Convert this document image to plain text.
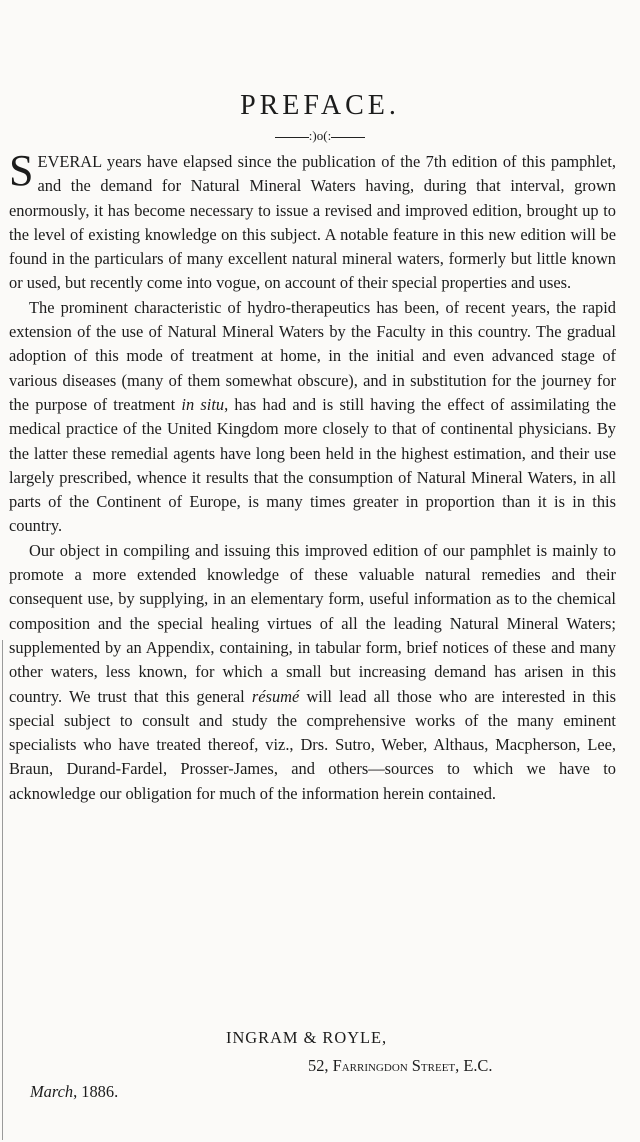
PREFACE.
:)o(:

SEVERAL years have elapsed since the publication of the 7th edition of this pamphlet, and the demand for Natural Mineral Waters having, during that interval, grown enormously, it has become necessary to issue a revised and improved edition, brought up to the level of existing knowledge on this subject. A notable feature in this new edition will be found in the particulars of many excellent natural mineral waters, formerly but little known or used, but recently come into vogue, on account of their special properties and uses.

The prominent characteristic of hydro-therapeutics has been, of recent years, the rapid extension of the use of Natural Mineral Waters by the Faculty in this country. The gradual adoption of this mode of treatment at home, in the initial and even advanced stage of various diseases (many of them somewhat obscure), and in substitution for the journey for the purpose of treatment in situ, has had and is still having the effect of assimilating the medical practice of the United Kingdom more closely to that of continental physicians. By the latter these remedial agents have long been held in the highest estimation, and their use largely prescribed, whence it results that the consumption of Natural Mineral Waters, in all parts of the Continent of Europe, is many times greater in proportion than it is in this country.

Our object in compiling and issuing this improved edition of our pamphlet is mainly to promote a more extended knowledge of these valuable natural remedies and their consequent use, by supplying, in an elementary form, useful information as to the chemical composition and the special healing virtues of all the leading Natural Mineral Waters; supplemented by an Appendix, containing, in tabular form, brief notices of these and many other waters, less known, for which a small but increasing demand has arisen in this country. We trust that this general résumé will lead all those who are interested in this special subject to consult and study the comprehensive works of the many eminent specialists who have treated thereof, viz., Drs. Sutro, Weber, Althaus, Macpherson, Lee, Braun, Durand-Fardel, Prosser-James, and others—sources to which we have to acknowledge our obligation for much of the information herein contained.

INGRAM & ROYLE,
52, Farringdon Street, E.C.
March, 1886.
